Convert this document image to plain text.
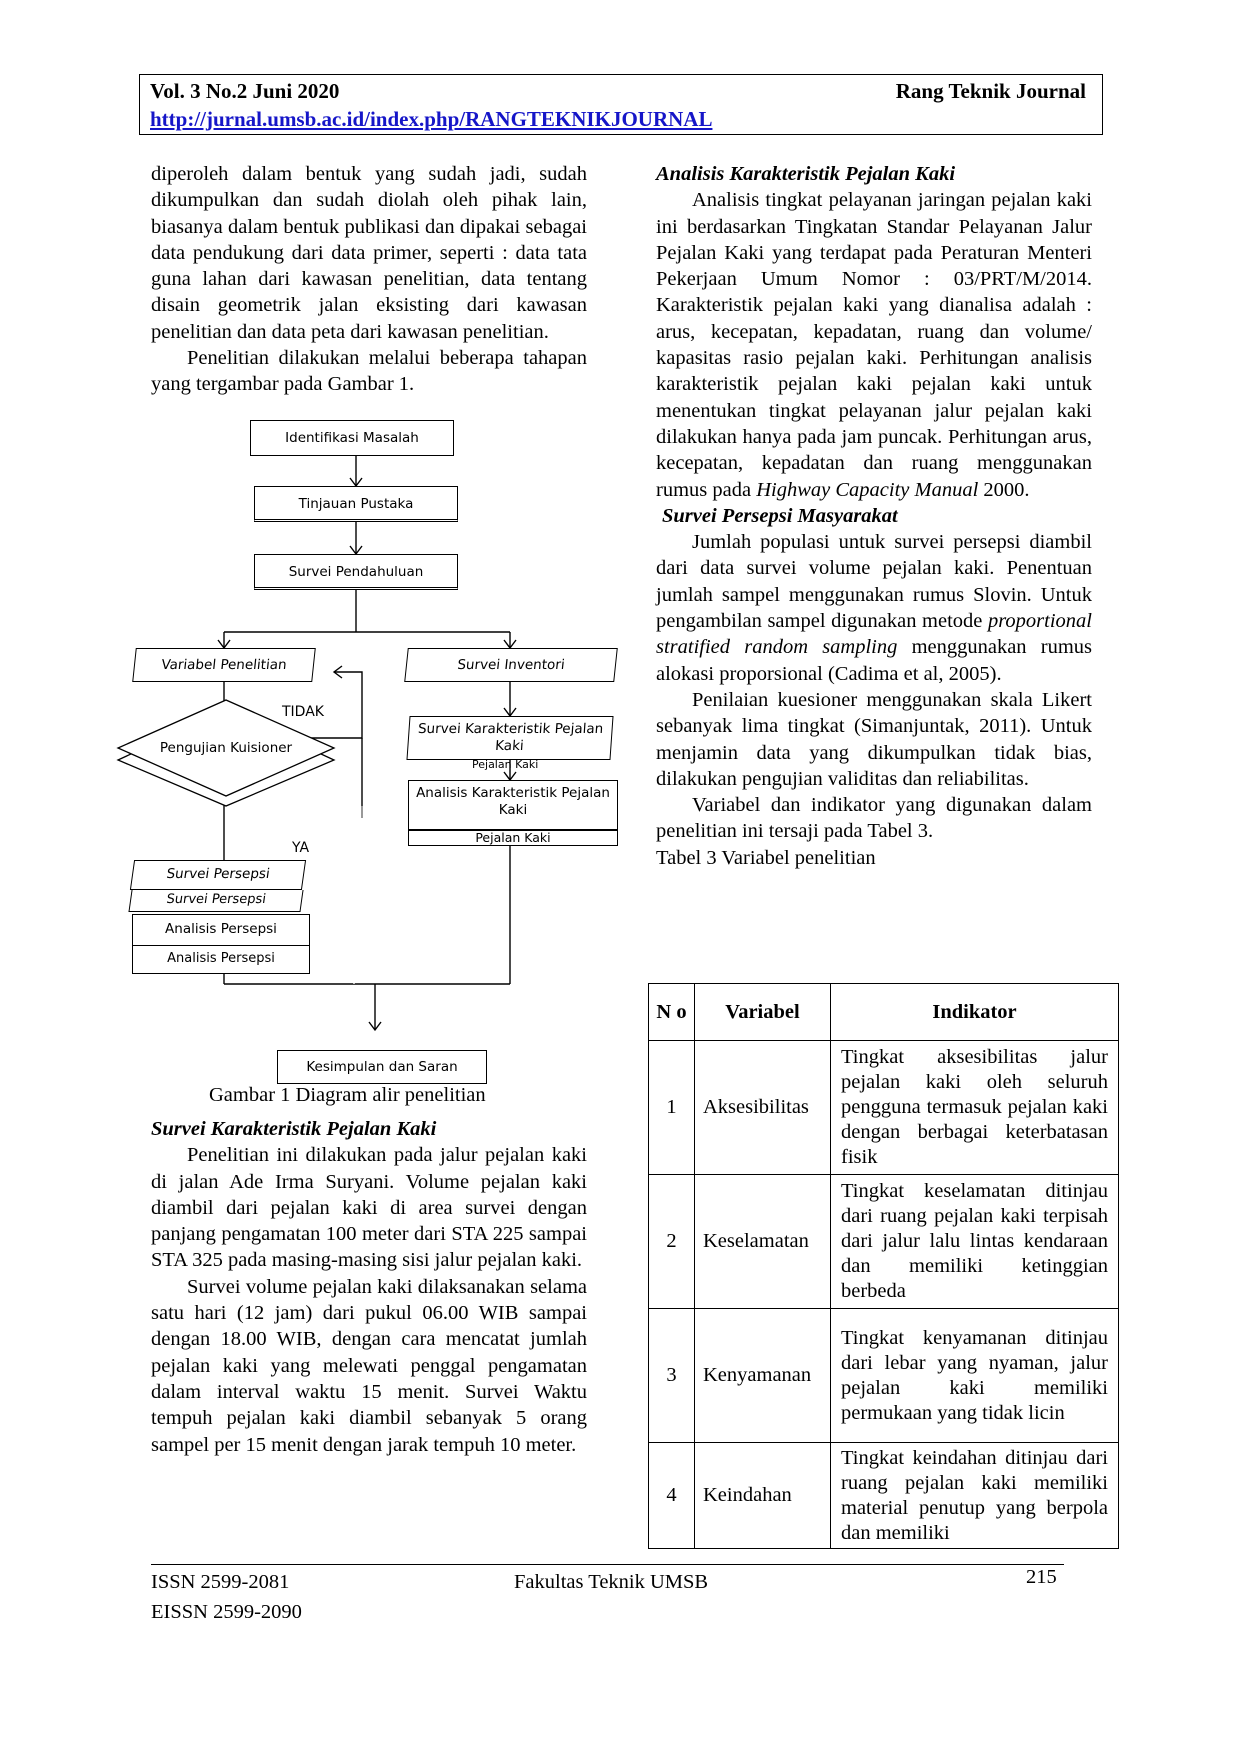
Vol. 3 No.2 Juni 2020	Rang Teknik Journal
http://jurnal.umsb.ac.id/index.php/RANGTEKNIKJOURNAL

diperoleh dalam bentuk yang sudah jadi, sudah dikumpulkan dan sudah diolah oleh pihak lain, biasanya dalam bentuk publikasi dan dipakai sebagai data pendukung dari data primer, seperti : data tata guna lahan dari kawasan penelitian, data tentang disain geometrik jalan eksisting dari kawasan penelitian dan data peta dari kawasan penelitian.

Penelitian dilakukan melalui beberapa tahapan yang tergambar pada Gambar 1.

Identifikasi Masalah
Tinjauan Pustaka
Survei Pendahuluan
Variabel Penelitian	Survei Inventori
TIDAK
Pengujian Kuisioner
YA
Survei Karakteristik Pejalan Kaki
Pejalan Kaki
Analisis Karakteristik Pejalan Kaki
Pejalan Kaki
Survei Persepsi
Survei Persepsi
Analisis Persepsi
Analisis Persepsi
Kesimpulan dan Saran
Gambar 1 Diagram alir penelitian

Survei Karakteristik Pejalan Kaki

Penelitian ini dilakukan pada jalur pejalan kaki di jalan Ade Irma Suryani. Volume pejalan kaki diambil dari pejalan kaki di area survei dengan panjang pengamatan 100 meter dari STA 225 sampai STA 325 pada masing-masing sisi jalur pejalan kaki.

Survei volume pejalan kaki dilaksanakan selama satu hari (12 jam) dari pukul 06.00 WIB sampai dengan 18.00 WIB, dengan cara mencatat jumlah pejalan kaki yang melewati penggal pengamatan dalam interval waktu 15 menit. Survei Waktu tempuh pejalan kaki diambil sebanyak 5 orang sampel per 15 menit dengan jarak tempuh 10 meter.

Analisis Karakteristik Pejalan Kaki

Analisis tingkat pelayanan jaringan pejalan kaki ini berdasarkan Tingkatan Standar Pelayanan Jalur Pejalan Kaki yang terdapat pada Peraturan Menteri Pekerjaan Umum Nomor : 03/PRT/M/2014. Karakteristik pejalan kaki yang dianalisa adalah : arus, kecepatan, kepadatan, ruang dan volume/ kapasitas rasio pejalan kaki. Perhitungan analisis karakteristik pejalan kaki pejalan kaki untuk menentukan tingkat pelayanan jalur pejalan kaki dilakukan hanya pada jam puncak. Perhitungan arus, kecepatan, kepadatan dan ruang menggunakan rumus pada Highway Capacity Manual 2000.

Survei Persepsi Masyarakat

Jumlah populasi untuk survei persepsi diambil dari data survei volume pejalan kaki. Penentuan jumlah sampel menggunakan rumus Slovin. Untuk pengambilan sampel digunakan metode proportional stratified random sampling menggunakan rumus alokasi proporsional (Cadima et al, 2005).

Penilaian kuesioner menggunakan skala Likert sebanyak lima tingkat (Simanjuntak, 2011). Untuk menjamin data yang dikumpulkan tidak bias, dilakukan pengujian validitas dan reliabilitas.

Variabel dan indikator yang digunakan dalam penelitian ini tersaji pada Tabel 3.

Tabel 3 Variabel penelitian

N o	Variabel	Indikator
1	Aksesibilitas	Tingkat aksesibilitas jalur pejalan kaki oleh seluruh pengguna termasuk pejalan kaki dengan berbagai keterbatasan fisik
2	Keselamatan	Tingkat keselamatan ditinjau dari ruang pejalan kaki terpisah dari jalur lalu lintas kendaraan dan memiliki ketinggian berbeda
3	Kenyamanan	Tingkat kenyamanan ditinjau dari lebar yang nyaman, jalur pejalan kaki memiliki permukaan yang tidak licin
4	Keindahan	Tingkat keindahan ditinjau dari ruang pejalan kaki memiliki material penutup yang berpola dan memiliki
ISSN 2599-2081
EISSN 2599-2090
Fakultas Teknik UMSB	215
